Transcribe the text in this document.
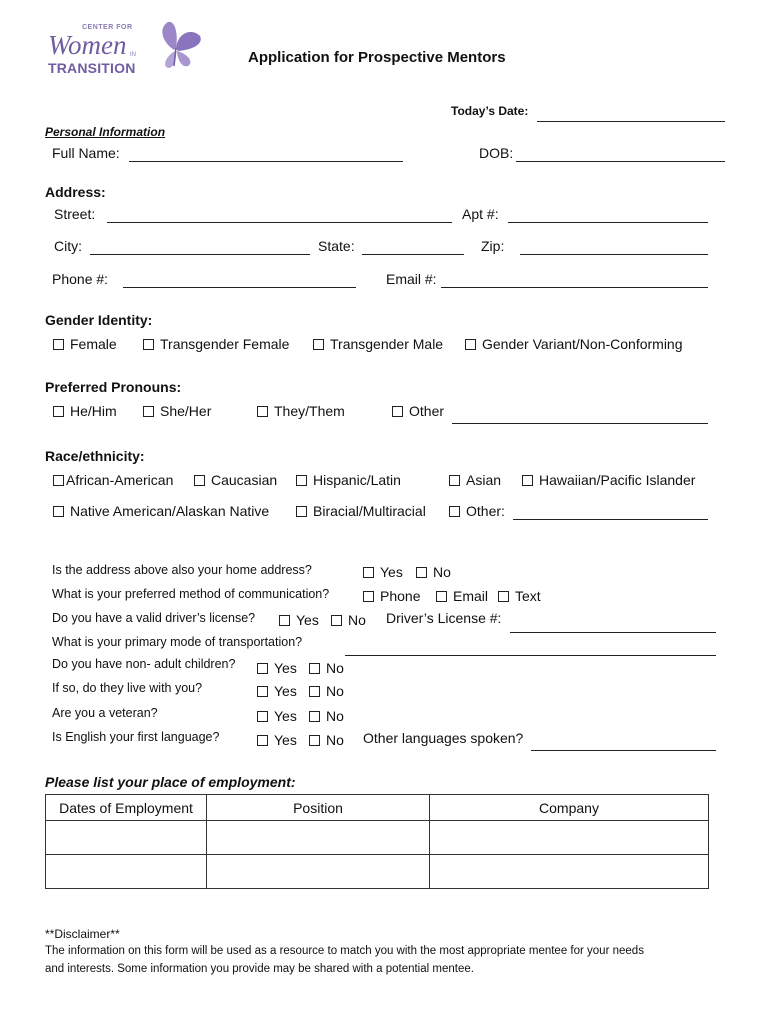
CENTER FOR
Women IN
TRANSITION
Application for Prospective Mentors
Today’s Date:
Personal Information
Full Name:	DOB:
Address:
Street:	Apt #:
City:	State:	Zip:
Phone #:	Email #:
Gender Identity:
Female	Transgender Female	Transgender Male	Gender Variant/Non-Conforming
Preferred Pronouns:
He/Him	She/Her	They/Them	Other
Race/ethnicity:
African-American	Caucasian	Hispanic/Latin	Asian	Hawaiian/Pacific Islander
Native American/Alaskan Native	Biracial/Multiracial	Other:
Is the address above also your home address?	Yes	No
What is your preferred method of communication?	Phone	Email	Text
Do you have a valid driver’s license?	Yes	No Driver’s License #:
What is your primary mode of transportation?
Do you have non- adult children?	Yes	No
If so, do they live with you?	Yes	No
Are you a veteran?	Yes	No
Is English your first language?	Yes	No Other languages spoken?
Please list your place of employment:
Dates of Employment	Position	Company

**Disclaimer**
The information on this form will be used as a resource to match you with the most appropriate mentee for your needs
and interests. Some information you provide may be shared with a potential mentee.
